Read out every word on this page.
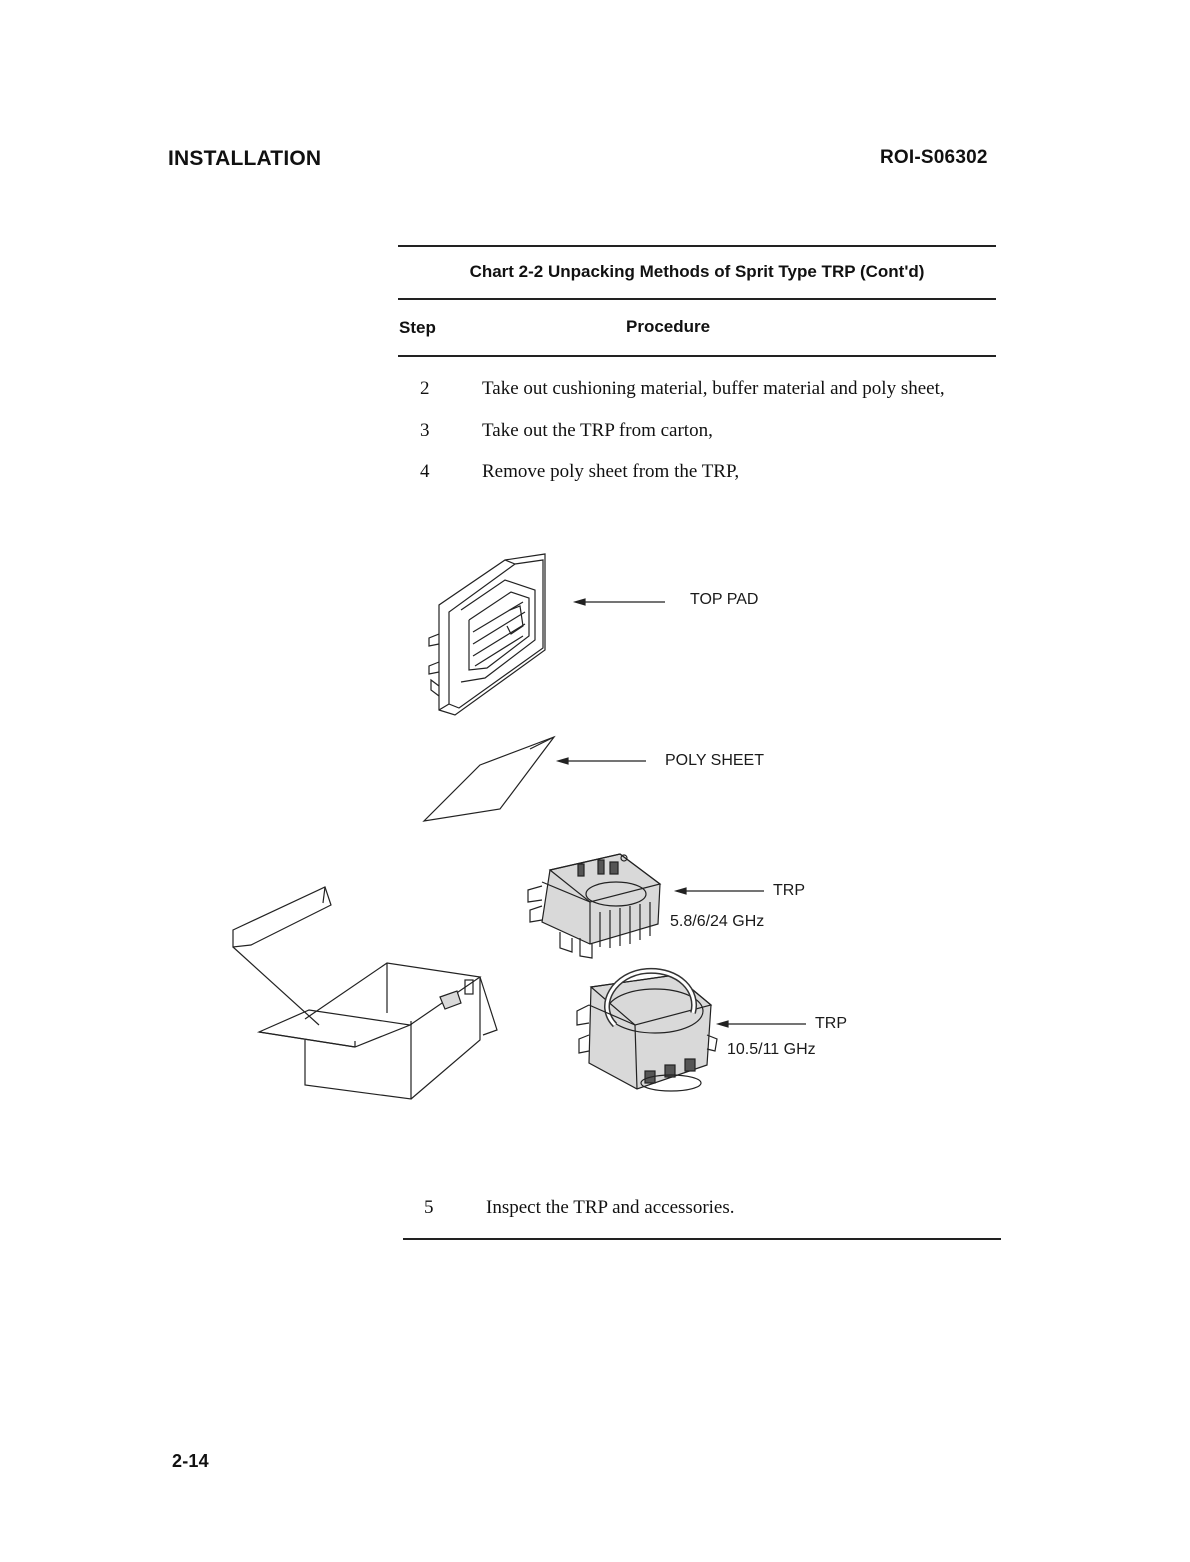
INSTALLATION	ROI-S06302
Chart 2-2 Unpacking Methods of Sprit Type TRP (Cont'd)
Step	Procedure
2	Take out cushioning material, buffer material and poly sheet,
3	Take out the TRP from carton,
4	Remove poly sheet from the TRP,
TOP PAD
POLY SHEET
TRP
5.8/6/24 GHz
TRP
10.5/11 GHz
5	Inspect the TRP and accessories.
2-14
